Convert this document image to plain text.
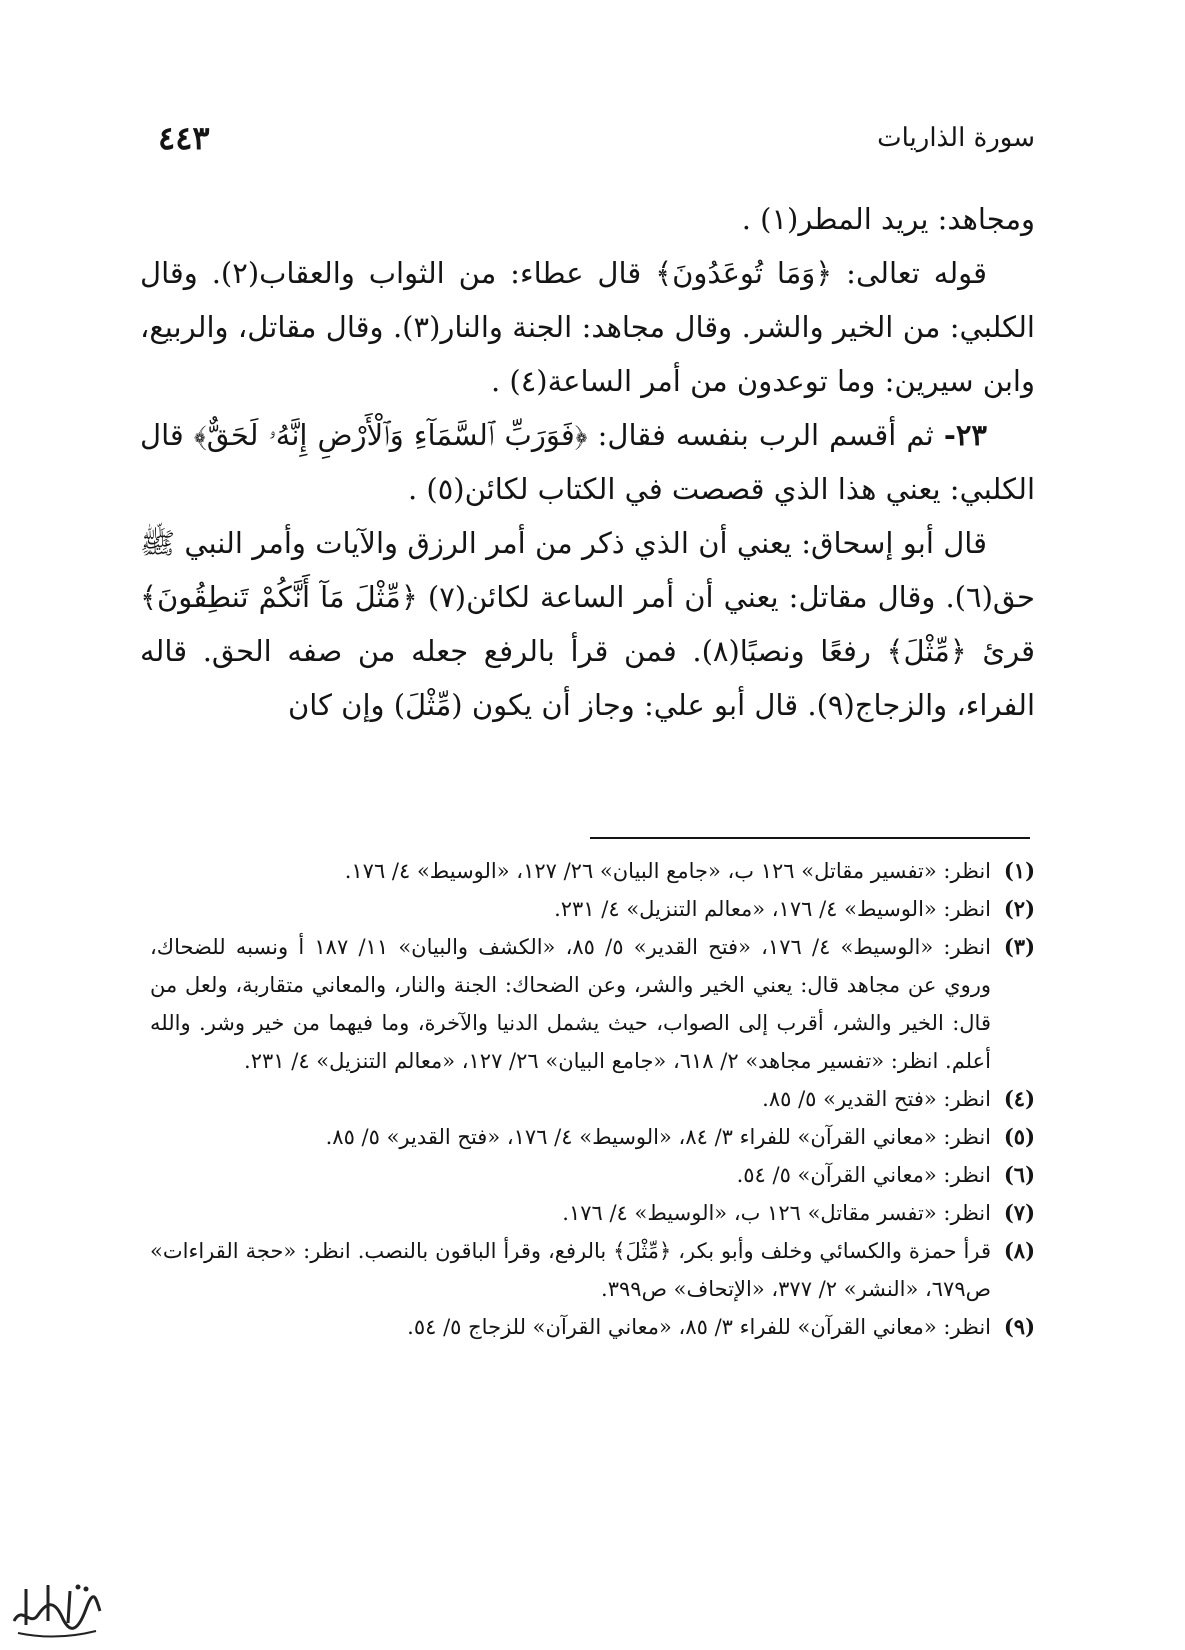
٤٤٣	سورة الذاريات

ومجاهد: يريد المطر(١) .

قوله تعالى: ﴿وَمَا تُوعَدُونَ﴾ قال عطاء: من الثواب والعقاب(٢). وقال الكلبي: من الخير والشر. وقال مجاهد: الجنة والنار(٣). وقال مقاتل، والربيع، وابن سيرين: وما توعدون من أمر الساعة(٤) .

٢٣- ثم أقسم الرب بنفسه فقال: ﴿فَوَرَبِّ ٱلسَّمَآءِ وَٱلْأَرْضِ إِنَّهُۥ لَحَقٌّ﴾ قال الكلبي: يعني هذا الذي قصصت في الكتاب لكائن(٥) .

قال أبو إسحاق: يعني أن الذي ذكر من أمر الرزق والآيات وأمر النبي ﷺ حق(٦). وقال مقاتل: يعني أن أمر الساعة لكائن(٧) ﴿مِّثْلَ مَآ أَنَّكُمْ تَنطِقُونَ﴾ قرئ ﴿مِّثْلَ﴾ رفعًا ونصبًا(٨). فمن قرأ بالرفع جعله من صفه الحق. قاله الفراء، والزجاج(٩). قال أبو علي: وجاز أن يكون (مِّثْلَ) وإن كان

(١)
انظر: «تفسير مقاتل» ١٢٦ ب، «جامع البيان» ٢٦/ ١٢٧، «الوسيط» ٤/ ١٧٦.
(٢)
انظر: «الوسيط» ٤/ ١٧٦، «معالم التنزيل» ٤/ ٢٣١.
(٣)
انظر: «الوسيط» ٤/ ١٧٦، «فتح القدير» ٥/ ٨٥، «الكشف والبيان» ١١/ ١٨٧ أ ونسبه للضحاك، وروي عن مجاهد قال: يعني الخير والشر، وعن الضحاك: الجنة والنار، والمعاني متقاربة، ولعل من قال: الخير والشر، أقرب إلى الصواب، حيث يشمل الدنيا والآخرة، وما فيهما من خير وشر. والله أعلم. انظر: «تفسير مجاهد» ٢/ ٦١٨، «جامع البيان» ٢٦/ ١٢٧، «معالم التنزيل» ٤/ ٢٣١.
(٤)
انظر: «فتح القدير» ٥/ ٨٥.
(٥)
انظر: «معاني القرآن» للفراء ٣/ ٨٤، «الوسيط» ٤/ ١٧٦، «فتح القدير» ٥/ ٨٥.
(٦)
انظر: «معاني القرآن» ٥/ ٥٤.
(٧)
انظر: «تفسر مقاتل» ١٢٦ ب، «الوسيط» ٤/ ١٧٦.
(٨)
قرأ حمزة والكسائي وخلف وأبو بكر، ﴿مِّثْلَ﴾ بالرفع، وقرأ الباقون بالنصب. انظر: «حجة القراءات» ص٦٧٩، «النشر» ٢/ ٣٧٧، «الإتحاف» ص٣٩٩.
(٩)
انظر: «معاني القرآن» للفراء ٣/ ٨٥، «معاني القرآن» للزجاج ٥/ ٥٤.
